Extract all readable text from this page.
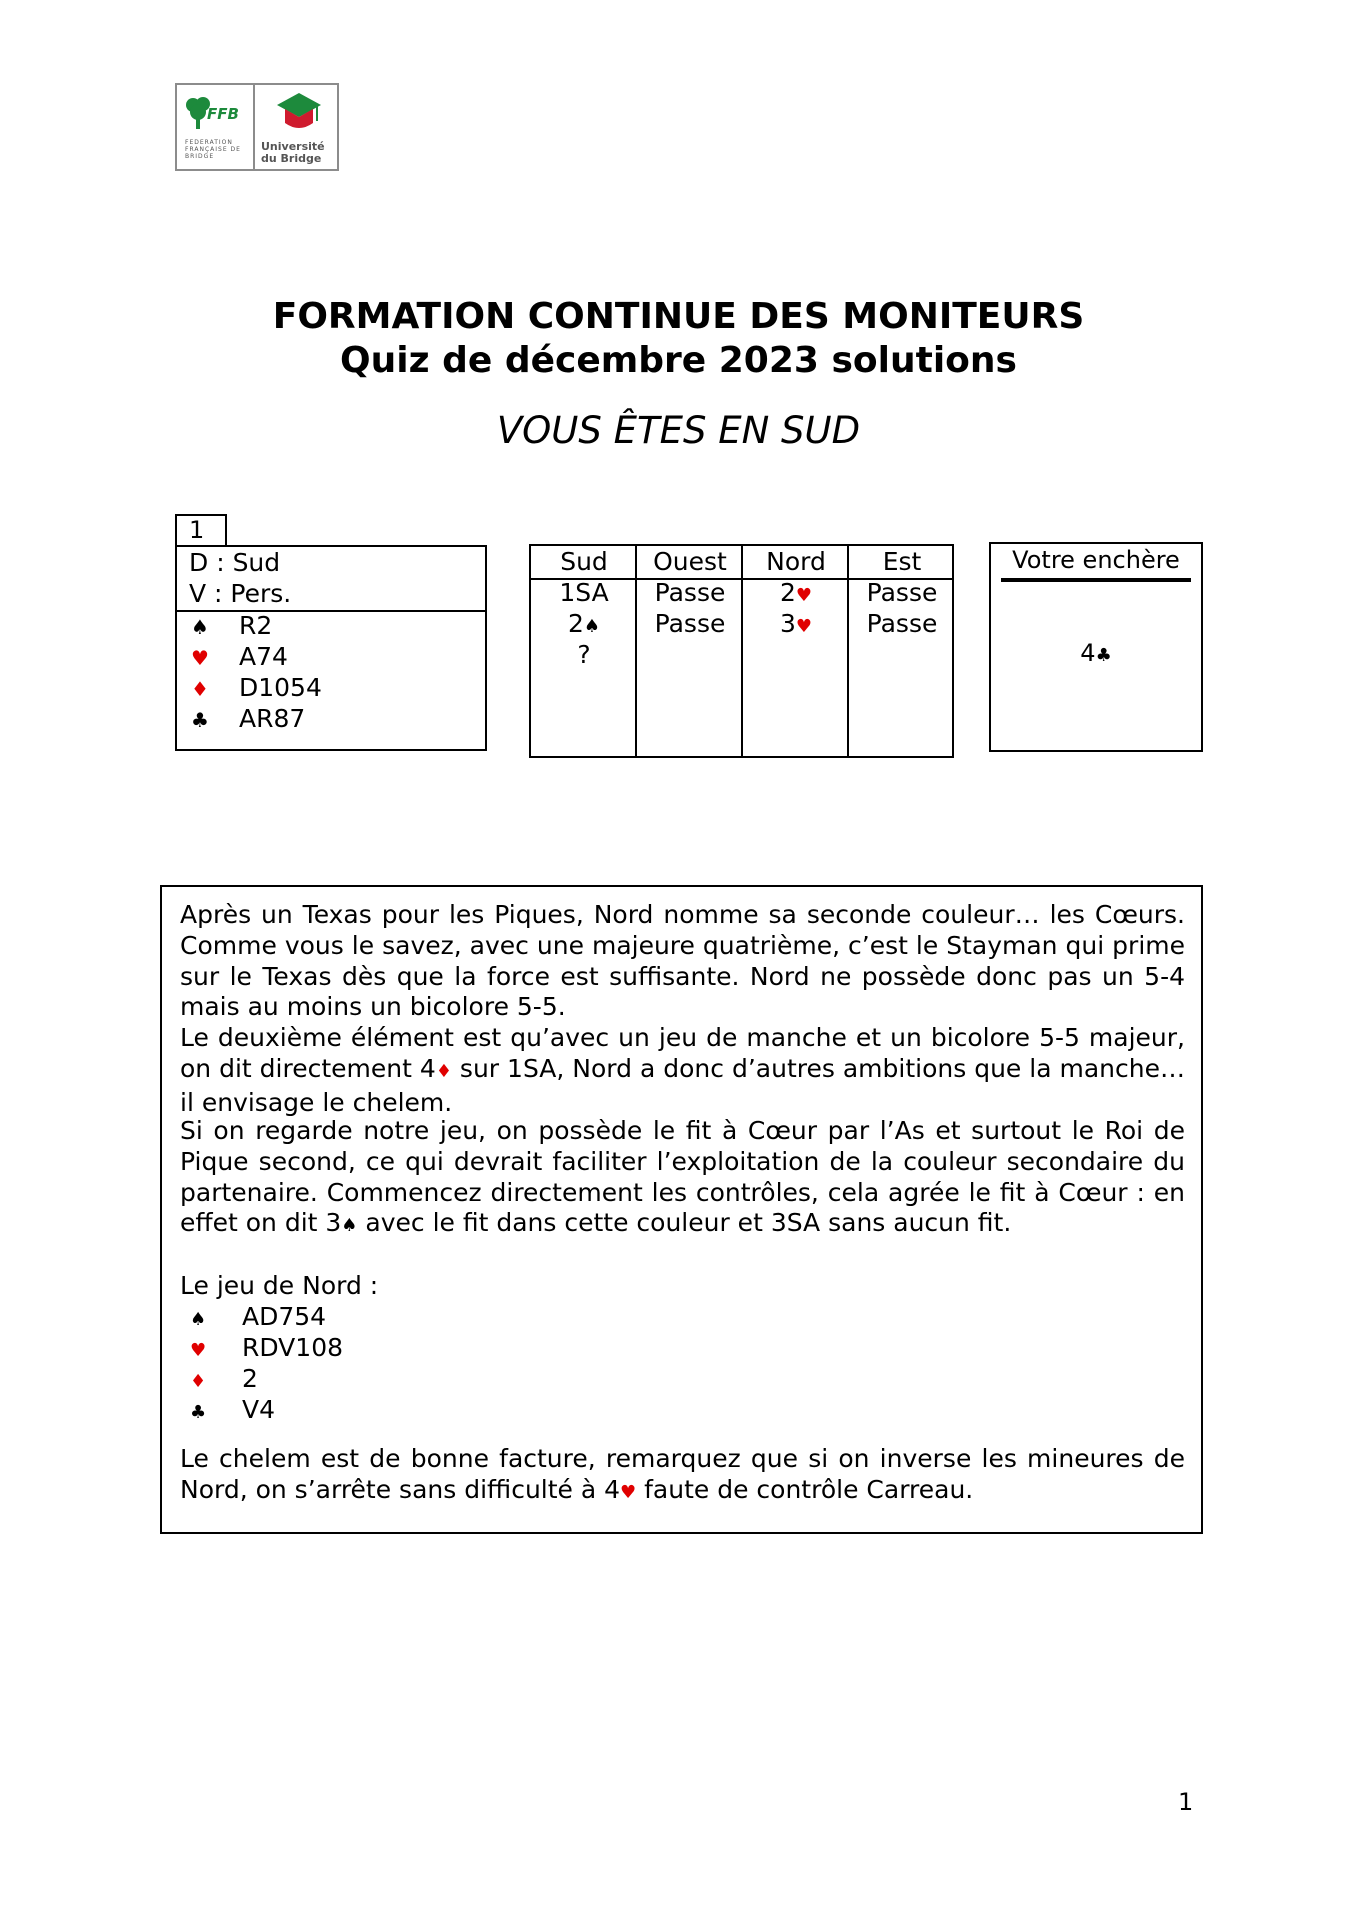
FFB
FEDERATION FRANÇAISE DE BRIDGE
Université du Bridge
FORMATION CONTINUE DES MONITEURS
Quiz de décembre 2023 solutions
VOUS ÊTES EN SUD
1
D : Sud
V : Pers.
♠ R2
♥ A74
♦ D1054
♣ AR87
Sud
1SA
2♠
?
Ouest
Passe
Passe
Nord
2♥
3♥
Est
Passe
Passe
Votre enchère
4♣
Après un Texas pour les Piques, Nord nomme sa seconde couleur… les Cœurs.
Comme vous le savez, avec une majeure quatrième, c’est le Stayman qui prime
sur le Texas dès que la force est suffisante. Nord ne possède donc pas un 5-4
mais au moins un bicolore 5-5.
Le deuxième élément est qu’avec un jeu de manche et un bicolore 5-5 majeur,
on dit directement 4♦ sur 1SA, Nord a donc d’autres ambitions que la manche…
il envisage le chelem.
Si on regarde notre jeu, on possède le fit à Cœur par l’As et surtout le Roi de
Pique second, ce qui devrait faciliter l’exploitation de la couleur secondaire du
partenaire. Commencez directement les contrôles, cela agrée le fit à Cœur : en
effet on dit 3♠ avec le fit dans cette couleur et 3SA sans aucun fit.
Le jeu de Nord :
♠ AD754
♥ RDV108
♦ 2
♣ V4
Le chelem est de bonne facture, remarquez que si on inverse les mineures de
Nord, on s’arrête sans difficulté à 4♥ faute de contrôle Carreau.
1
